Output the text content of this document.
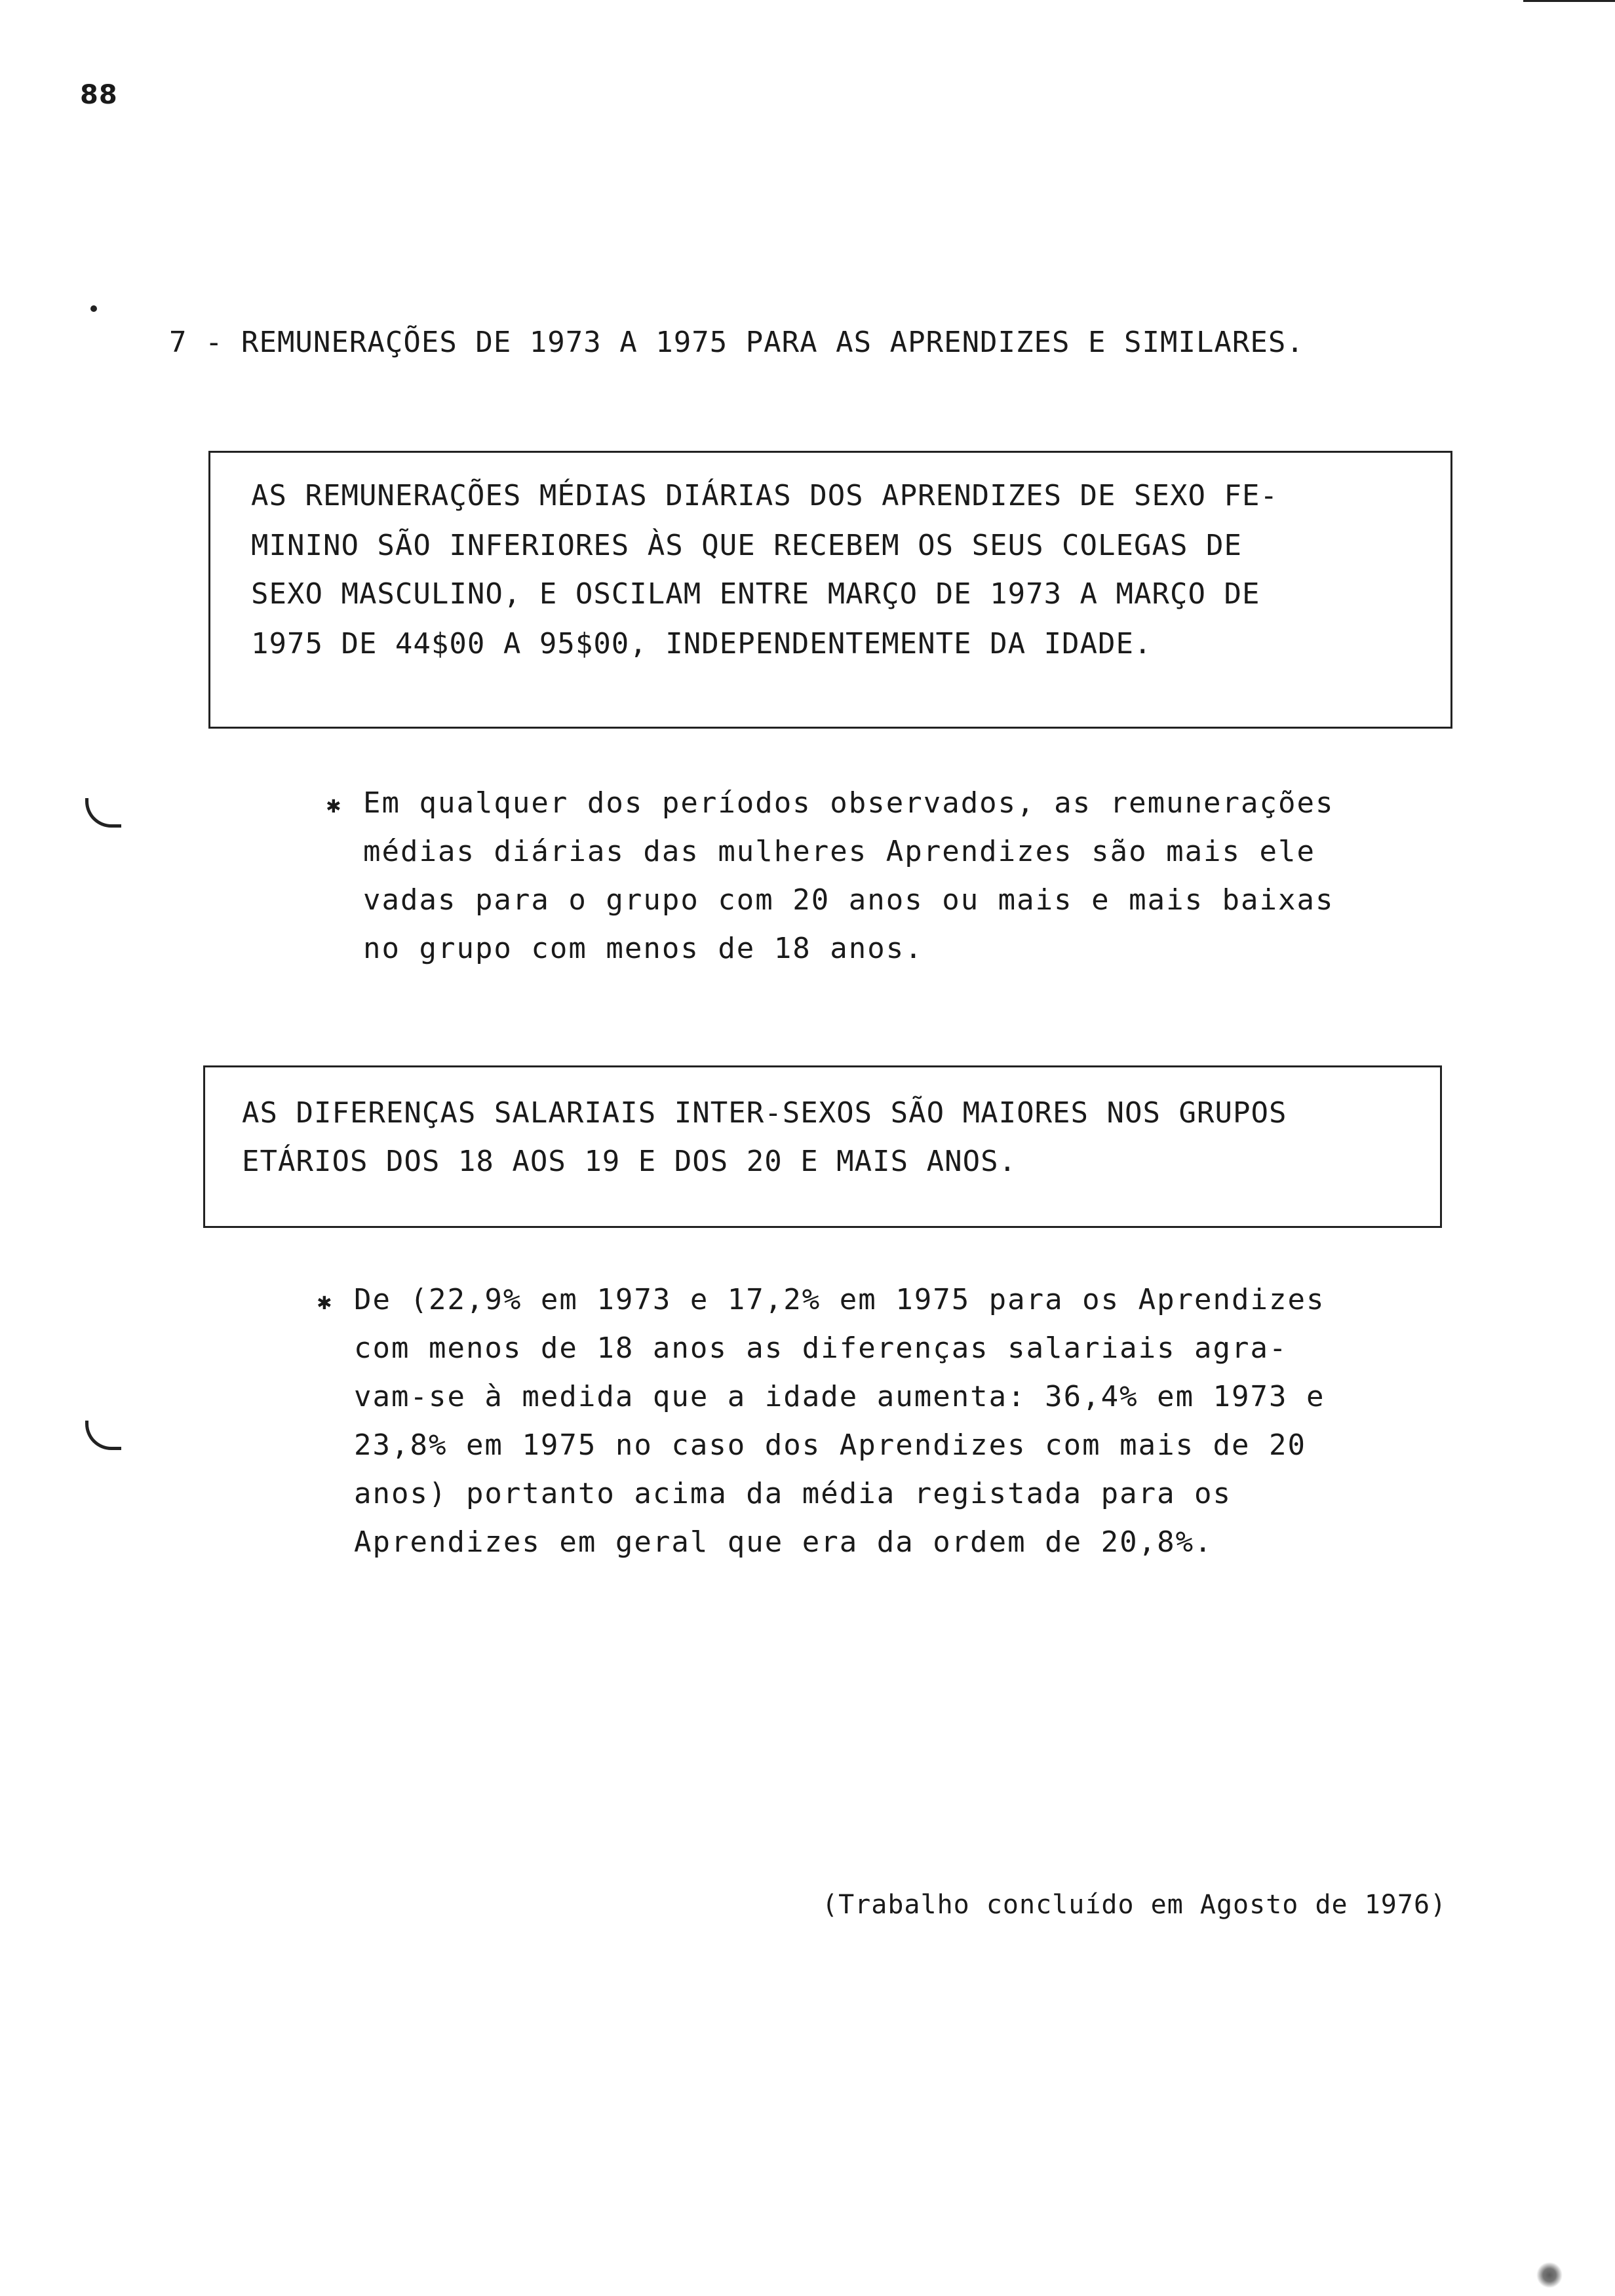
88
7 - REMUNERAÇÕES DE 1973 A 1975 PARA AS APRENDIZES E SIMILARES.
AS REMUNERAÇÕES MÉDIAS DIÁRIAS DOS APRENDIZES DE SEXO FE-
MININO SÃO INFERIORES ÀS QUE RECEBEM OS SEUS COLEGAS DE
SEXO MASCULINO, E OSCILAM ENTRE MARÇO DE 1973 A MARÇO DE
1975 DE 44$00 A 95$00, INDEPENDENTEMENTE DA IDADE.
✱ Em qualquer dos períodos observados, as remunerações
médias diárias das mulheres Aprendizes são mais ele
vadas para o grupo com 20 anos ou mais e mais baixas
no grupo com menos de 18 anos.
AS DIFERENÇAS SALARIAIS INTER-SEXOS SÃO MAIORES NOS GRUPOS
ETÁRIOS DOS 18 AOS 19 E DOS 20 E MAIS ANOS.
✱ De (22,9% em 1973 e 17,2% em 1975 para os Aprendizes
com menos de 18 anos as diferenças salariais agra-
vam-se à medida que a idade aumenta: 36,4% em 1973 e
23,8% em 1975 no caso dos Aprendizes com mais de 20
anos) portanto acima da média registada para os
Aprendizes em geral que era da ordem de 20,8%.
(Trabalho concluído em Agosto de 1976)
